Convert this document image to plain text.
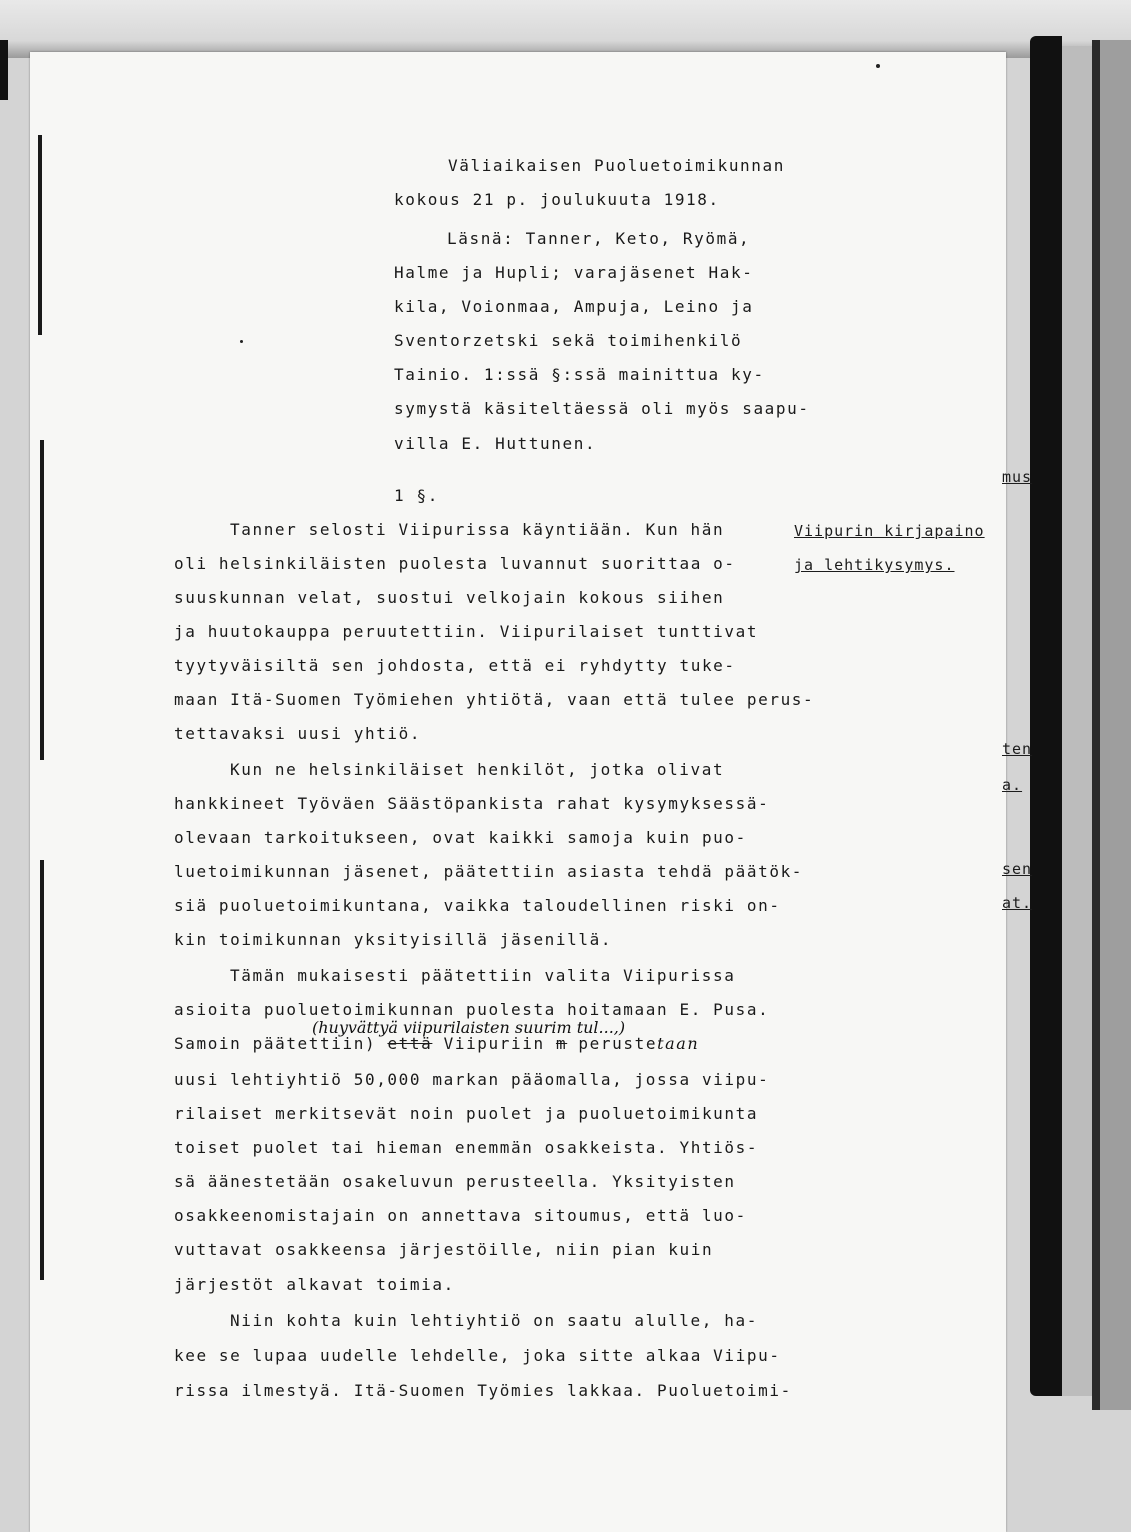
Väliaikaisen Puoluetoimikunnan
kokous 21 p. joulukuuta 1918.
Läsnä: Tanner, Keto, Ryömä,
Halme ja Hupli; varajäsenet Hak-
kila, Voionmaa, Ampuja, Leino ja
Sventorzetski sekä toimihenkilö
Tainio. 1:ssä §:ssä mainittua ky-
symystä käsiteltäessä oli myös saapu-
villa E. Huttunen.
1 §.
Viipurin kirjapaino
ja lehtikysymys.
mus
ten
a.
sen
at.
Tanner selosti Viipurissa käyntiään. Kun hän
oli helsinkiläisten puolesta luvannut suorittaa o-
suuskunnan velat, suostui velkojain kokous siihen
ja huutokauppa peruutettiin. Viipurilaiset tunttivat
tyytyväisiltä sen johdosta, että ei ryhdytty tuke-
maan Itä-Suomen Työmiehen yhtiötä, vaan että tulee perus-
tettavaksi uusi yhtiö.
Kun ne helsinkiläiset henkilöt, jotka olivat
hankkineet Työväen Säästöpankista rahat kysymyksessä-
olevaan tarkoitukseen, ovat kaikki samoja kuin puo-
luetoimikunnan jäsenet, päätettiin asiasta tehdä päätök-
siä puoluetoimikuntana, vaikka taloudellinen riski on-
kin toimikunnan yksityisillä jäsenillä.
Tämän mukaisesti päätettiin valita Viipurissa
asioita puoluetoimikunnan puolesta hoitamaan E. Pusa.
(huyvättyä viipurilaisten suurim tul...,)
Samoin päätettiin) että Viipuriin m perustetaan
uusi lehtiyhtiö 50,000 markan pääomalla, jossa viipu-
rilaiset merkitsevät noin puolet ja puoluetoimikunta
toiset puolet tai hieman enemmän osakkeista. Yhtiös-
sä äänestetään osakeluvun perusteella. Yksityisten
osakkeenomistajain on annettava sitoumus, että luo-
vuttavat osakkeensa järjestöille, niin pian kuin
järjestöt alkavat toimia.
Niin kohta kuin lehtiyhtiö on saatu alulle, ha-
kee se lupaa uudelle lehdelle, joka sitte alkaa Viipu-
rissa ilmestyä. Itä-Suomen Työmies lakkaa. Puoluetoimi-
